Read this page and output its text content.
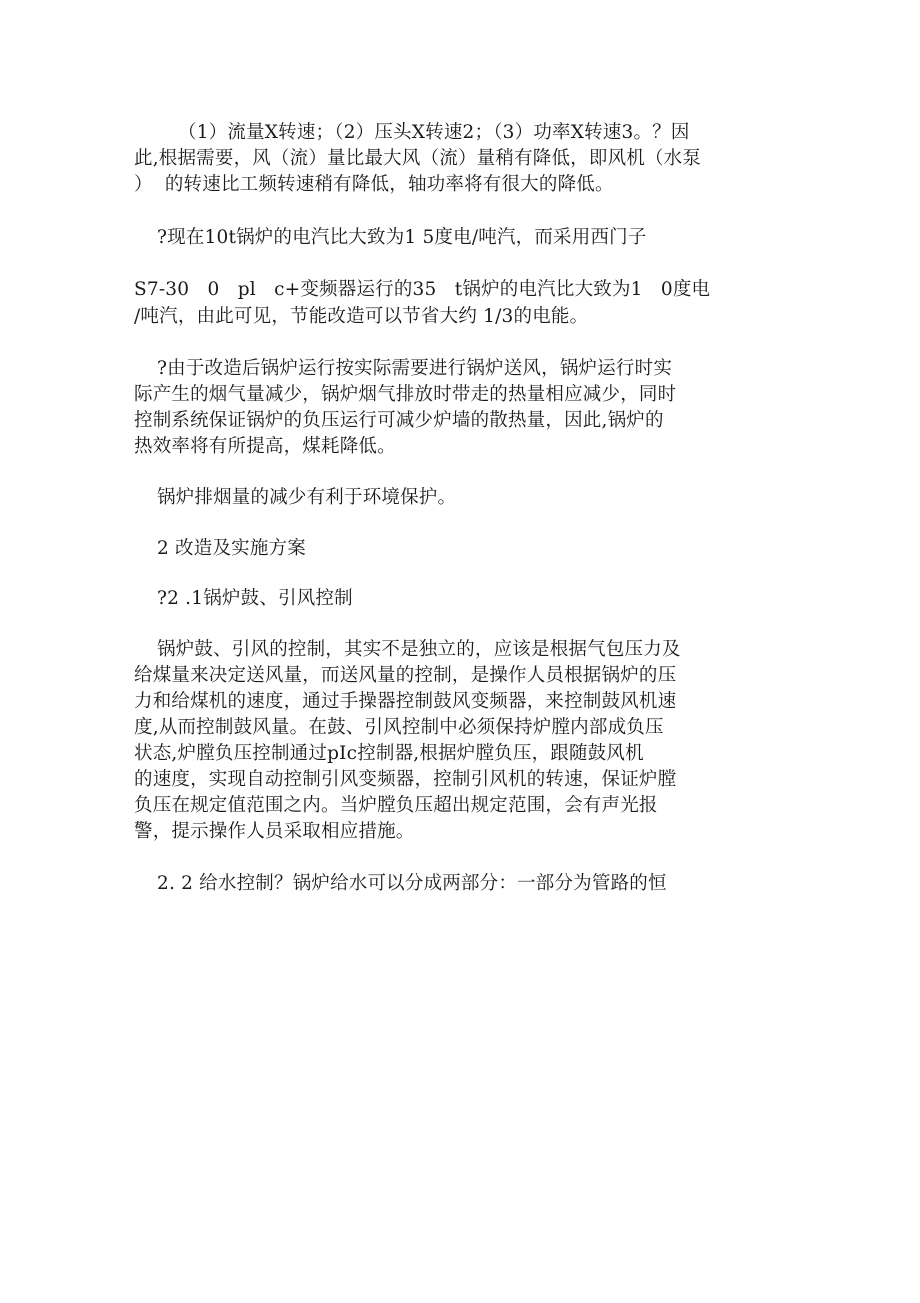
（1）流量X转速；（2）压头X转速2；（3）功率X转速3。？因
此,根据需要，风（流）量比最大风（流）量稍有降低，即风机（水泵
）  的转速比工频转速稍有降低，轴功率将有很大的降低。
?现在10t锅炉的电汽比大致为1 5度电/吨汽，而采用西门子
S7-30   0   pl   c+变频器运行的35   t锅炉的电汽比大致为1   0度电
/吨汽，由此可见，节能改造可以节省大约 1/3的电能。
?由于改造后锅炉运行按实际需要进行锅炉送风，锅炉运行时实
际产生的烟气量减少，锅炉烟气排放时带走的热量相应减少，同时
控制系统保证锅炉的负压运行可减少炉墙的散热量，因此,锅炉的
热效率将有所提高，煤耗降低。
锅炉排烟量的减少有利于环境保护。
2 改造及实施方案
?2 .1锅炉鼓、引风控制
锅炉鼓、引风的控制，其实不是独立的，应该是根据气包压力及
给煤量来决定送风量，而送风量的控制，是操作人员根据锅炉的压
力和给煤机的速度，通过手操器控制鼓风变频器，来控制鼓风机速
度,从而控制鼓风量。在鼓、引风控制中必须保持炉膛内部成负压
状态,炉膛负压控制通过pIc控制器,根据炉膛负压，跟随鼓风机
的速度，实现自动控制引风变频器，控制引风机的转速，保证炉膛
负压在规定值范围之内。当炉膛负压超出规定范围，会有声光报
警，提示操作人员采取相应措施。
2. 2 给水控制？锅炉给水可以分成两部分：一部分为管路的恒
